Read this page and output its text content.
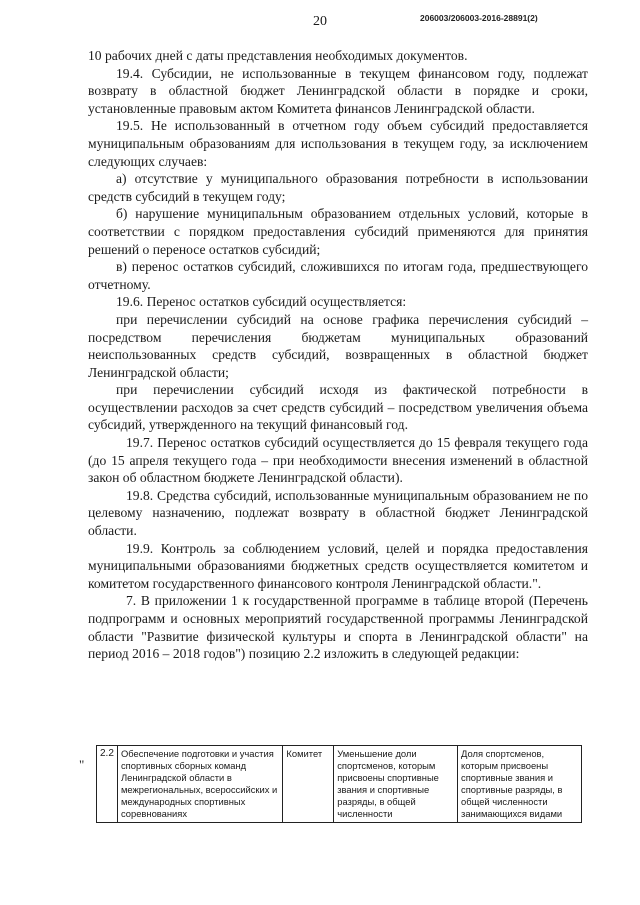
20	206003/206003-2016-28891(2)

10 рабочих дней с даты представления необходимых документов.

19.4. Субсидии, не использованные в текущем финансовом году, подлежат возврату в областной бюджет Ленинградской области в порядке и сроки, установленные правовым актом Комитета финансов Ленинградской области.

19.5. Не использованный в отчетном году объем субсидий предоставляется муниципальным образованиям для использования в текущем году, за исключением следующих случаев:

а) отсутствие у муниципального образования потребности в использовании средств субсидий в текущем году;

б) нарушение муниципальным образованием отдельных условий, которые в соответствии с порядком предоставления субсидий применяются для принятия решений о переносе остатков субсидий;

в) перенос остатков субсидий, сложившихся по итогам года, предшествующего отчетному.

19.6. Перенос остатков субсидий осуществляется:

при перечислении субсидий на основе графика перечисления субсидий – посредством перечисления бюджетам муниципальных образований неиспользованных средств субсидий, возвращенных в областной бюджет Ленинградской области;

при перечислении субсидий исходя из фактической потребности в осуществлении расходов за счет средств субсидий – посредством увеличения объема субсидий, утвержденного на текущий финансовый год.

19.7. Перенос остатков субсидий осуществляется до 15 февраля текущего года (до 15 апреля текущего года – при необходимости внесения изменений в областной закон об областном бюджете Ленинградской области).

19.8. Средства субсидий, использованные муниципальным образованием не по целевому назначению, подлежат возврату в областной бюджет Ленинградской области.

19.9. Контроль за соблюдением условий, целей и порядка предоставления муниципальными образованиями бюджетных средств осуществляется комитетом и комитетом государственного финансового контроля Ленинградской области.".

7. В приложении 1 к государственной программе в таблице второй (Перечень подпрограмм и основных мероприятий государственной программы Ленинградской области "Развитие физической культуры и спорта в Ленинградской области" на период 2016 – 2018 годов") позицию 2.2 изложить в следующей редакции:

"
2.2	Обеспечение подготовки и участия спортивных сборных команд Ленинградской области в межрегиональных, всероссийских и международных спортивных соревнованиях	Комитет	Уменьшение доли спортсменов, которым присвоены спортивные звания и спортивные разряды, в общей численности	Доля спортсменов, которым присвоены спортивные звания и спортивные разряды, в общей численности занимающихся видами
